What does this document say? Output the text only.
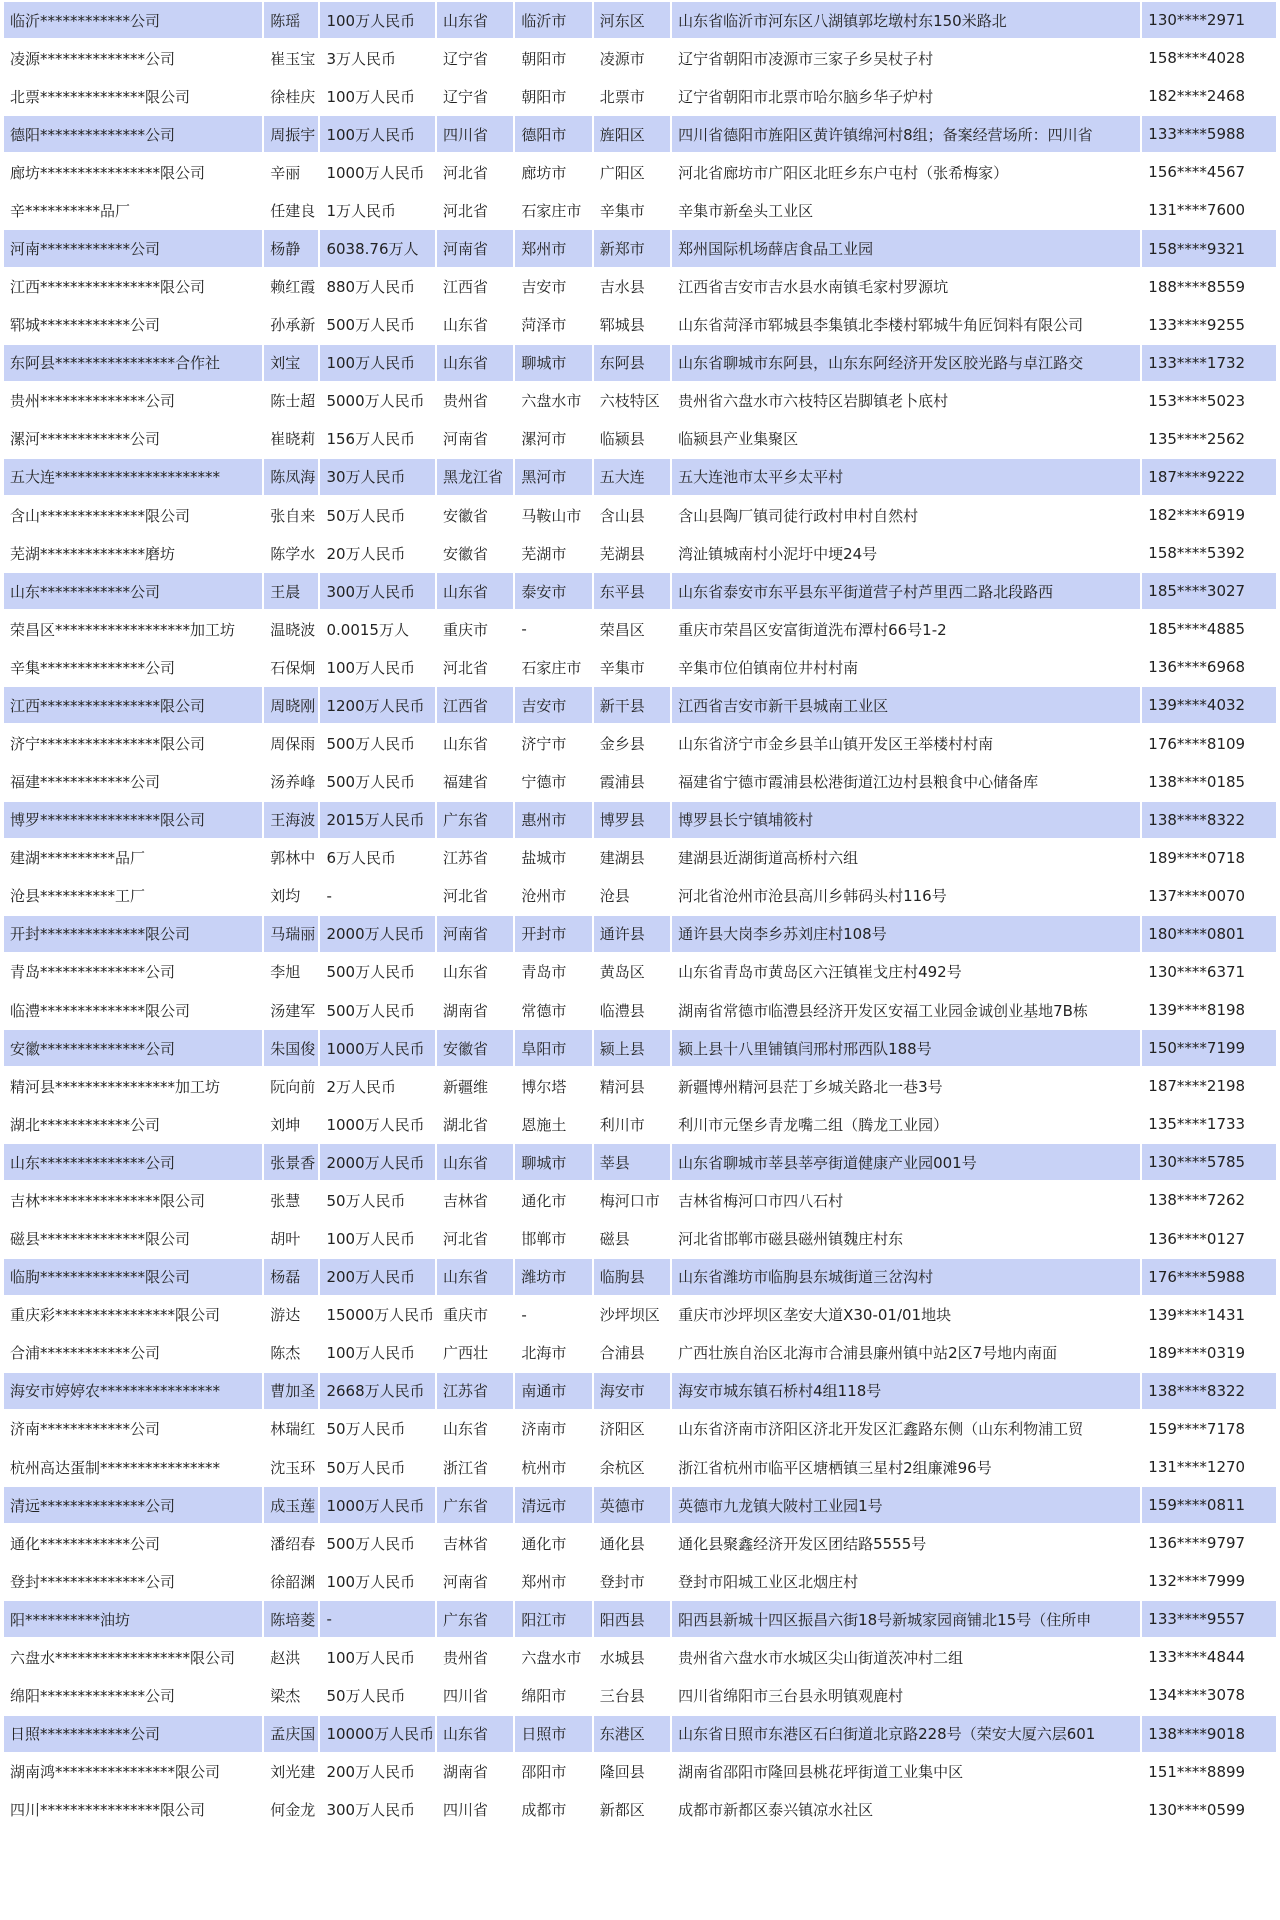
临沂************公司	陈瑶	100万人民币	山东省	临沂市	河东区	山东省临沂市河东区八湖镇郭圪墩村东150米路北	130****2971
凌源**************公司	崔玉宝	3万人民币	辽宁省	朝阳市	凌源市	辽宁省朝阳市凌源市三家子乡吴杖子村	158****4028
北票**************限公司	徐桂庆	100万人民币	辽宁省	朝阳市	北票市	辽宁省朝阳市北票市哈尔脑乡华子炉村	182****2468
德阳**************公司	周振宇	100万人民币	四川省	德阳市	旌阳区	四川省德阳市旌阳区黄许镇绵河村8组；备案经营场所：四川省	133****5988
廊坊****************限公司	辛丽	1000万人民币	河北省	廊坊市	广阳区	河北省廊坊市广阳区北旺乡东户屯村（张希梅家）	156****4567
辛**********品厂	任建良	1万人民币	河北省	石家庄市	辛集市	辛集市新垒头工业区	131****7600
河南************公司	杨静	6038.76万人	河南省	郑州市	新郑市	郑州国际机场薛店食品工业园	158****9321
江西****************限公司	赖红霞	880万人民币	江西省	吉安市	吉水县	江西省吉安市吉水县水南镇毛家村罗源坑	188****8559
郓城************公司	孙承新	500万人民币	山东省	菏泽市	郓城县	山东省菏泽市郓城县李集镇北李楼村郓城牛角匠饲料有限公司	133****9255
东阿县****************合作社	刘宝	100万人民币	山东省	聊城市	东阿县	山东省聊城市东阿县，山东东阿经济开发区胶光路与卓江路交	133****1732
贵州**************公司	陈士超	5000万人民币	贵州省	六盘水市	六枝特区	贵州省六盘水市六枝特区岩脚镇老卜底村	153****5023
漯河************公司	崔晓莉	156万人民币	河南省	漯河市	临颍县	临颍县产业集聚区	135****2562
五大连**********************	陈凤海	30万人民币	黑龙江省	黑河市	五大连	五大连池市太平乡太平村	187****9222
含山**************限公司	张自来	50万人民币	安徽省	马鞍山市	含山县	含山县陶厂镇司徒行政村申村自然村	182****6919
芜湖**************磨坊	陈学水	20万人民币	安徽省	芜湖市	芜湖县	湾沚镇城南村小泥圩中埂24号	158****5392
山东************公司	王晨	300万人民币	山东省	泰安市	东平县	山东省泰安市东平县东平街道营子村芦里西二路北段路西	185****3027
荣昌区******************加工坊	温晓波	0.0015万人	重庆市	-	荣昌区	重庆市荣昌区安富街道洗布潭村66号1-2	185****4885
辛集**************公司	石保炯	100万人民币	河北省	石家庄市	辛集市	辛集市位伯镇南位井村村南	136****6968
江西****************限公司	周晓刚	1200万人民币	江西省	吉安市	新干县	江西省吉安市新干县城南工业区	139****4032
济宁****************限公司	周保雨	500万人民币	山东省	济宁市	金乡县	山东省济宁市金乡县羊山镇开发区王举楼村村南	176****8109
福建************公司	汤养峰	500万人民币	福建省	宁德市	霞浦县	福建省宁德市霞浦县松港街道江边村县粮食中心储备库	138****0185
博罗****************限公司	王海波	2015万人民币	广东省	惠州市	博罗县	博罗县长宁镇埔筱村	138****8322
建湖**********品厂	郭林中	6万人民币	江苏省	盐城市	建湖县	建湖县近湖街道高桥村六组	189****0718
沧县**********工厂	刘均	-	河北省	沧州市	沧县	河北省沧州市沧县高川乡韩码头村116号	137****0070
开封**************限公司	马瑞丽	2000万人民币	河南省	开封市	通许县	通许县大岗李乡苏刘庄村108号	180****0801
青岛**************公司	李旭	500万人民币	山东省	青岛市	黄岛区	山东省青岛市黄岛区六汪镇崔戈庄村492号	130****6371
临澧**************限公司	汤建军	500万人民币	湖南省	常德市	临澧县	湖南省常德市临澧县经济开发区安福工业园金诚创业基地7B栋	139****8198
安徽**************公司	朱国俊	1000万人民币	安徽省	阜阳市	颍上县	颍上县十八里铺镇闫邢村邢西队188号	150****7199
精河县****************加工坊	阮向前	2万人民币	新疆维	博尔塔	精河县	新疆博州精河县茫丁乡城关路北一巷3号	187****2198
湖北************公司	刘坤	1000万人民币	湖北省	恩施土	利川市	利川市元堡乡青龙嘴二组（腾龙工业园）	135****1733
山东**************公司	张景香	2000万人民币	山东省	聊城市	莘县	山东省聊城市莘县莘亭街道健康产业园001号	130****5785
吉林****************限公司	张慧	50万人民币	吉林省	通化市	梅河口市	吉林省梅河口市四八石村	138****7262
磁县**************限公司	胡叶	100万人民币	河北省	邯郸市	磁县	河北省邯郸市磁县磁州镇魏庄村东	136****0127
临朐**************限公司	杨磊	200万人民币	山东省	潍坊市	临朐县	山东省潍坊市临朐县东城街道三岔沟村	176****5988
重庆彩****************限公司	游达	15000万人民币	重庆市	-	沙坪坝区	重庆市沙坪坝区垄安大道X30-01/01地块	139****1431
合浦************公司	陈杰	100万人民币	广西壮	北海市	合浦县	广西壮族自治区北海市合浦县廉州镇中站2区7号地内南面	189****0319
海安市婷婷农****************	曹加圣	2668万人民币	江苏省	南通市	海安市	海安市城东镇石桥村4组118号	138****8322
济南************公司	林瑞红	50万人民币	山东省	济南市	济阳区	山东省济南市济阳区济北开发区汇鑫路东侧（山东利物浦工贸	159****7178
杭州高达蛋制****************	沈玉环	50万人民币	浙江省	杭州市	余杭区	浙江省杭州市临平区塘栖镇三星村2组廉滩96号	131****1270
清远**************公司	成玉莲	1000万人民币	广东省	清远市	英德市	英德市九龙镇大陂村工业园1号	159****0811
通化************公司	潘绍春	500万人民币	吉林省	通化市	通化县	通化县聚鑫经济开发区团结路5555号	136****9797
登封**************公司	徐韶渊	100万人民币	河南省	郑州市	登封市	登封市阳城工业区北烟庄村	132****7999
阳**********油坊	陈培菱	-	广东省	阳江市	阳西县	阳西县新城十四区振昌六街18号新城家园商铺北15号（住所申	133****9557
六盘水******************限公司	赵洪	100万人民币	贵州省	六盘水市	水城县	贵州省六盘水市水城区尖山街道茨冲村二组	133****4844
绵阳**************公司	梁杰	50万人民币	四川省	绵阳市	三台县	四川省绵阳市三台县永明镇观鹿村	134****3078
日照************公司	孟庆国	10000万人民币	山东省	日照市	东港区	山东省日照市东港区石臼街道北京路228号（荣安大厦六层601	138****9018
湖南鸿****************限公司	刘光建	200万人民币	湖南省	邵阳市	隆回县	湖南省邵阳市隆回县桃花坪街道工业集中区	151****8899
四川****************限公司	何金龙	300万人民币	四川省	成都市	新都区	成都市新都区泰兴镇凉水社区	130****0599
